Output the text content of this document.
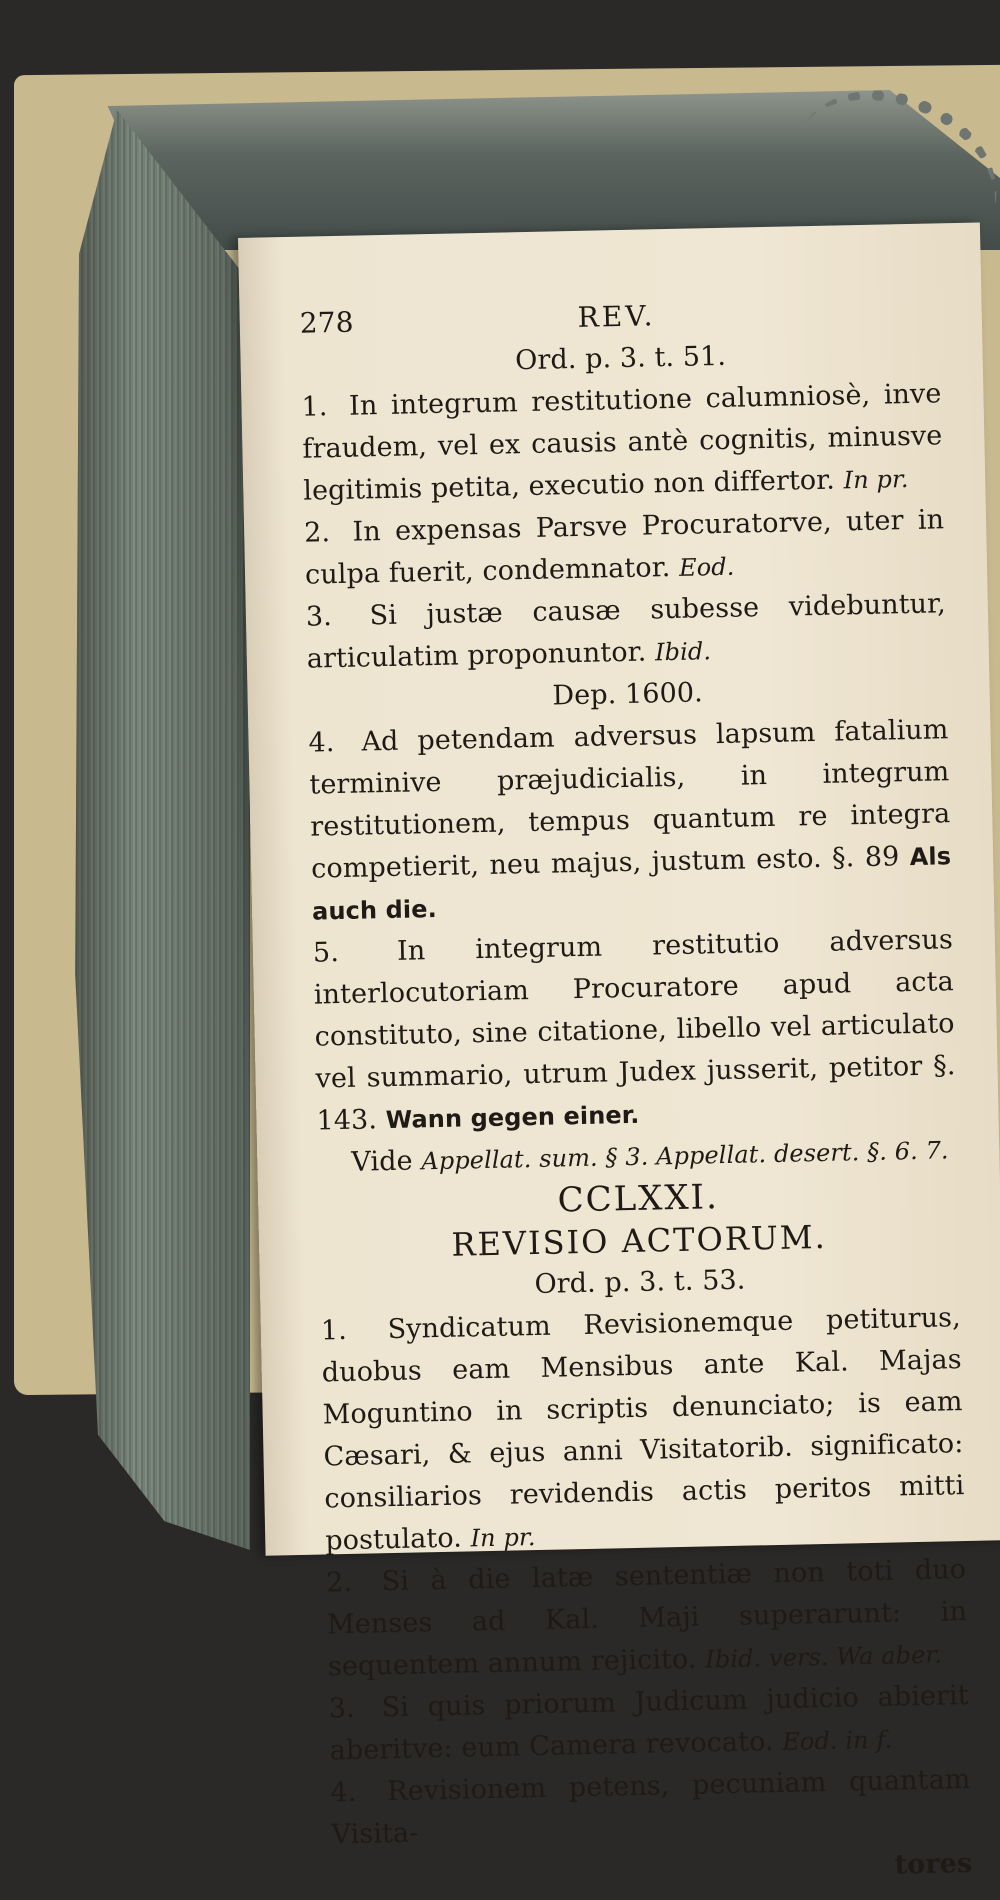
278	REV.
Ord. p. 3. t. 51.
1. In integrum restitutione calumniosè, inve fraudem, vel ex causis antè cognitis, minusve legitimis petita, executio non differtor. In pr.
2. In expensas Parsve Procuratorve, uter in culpa fuerit, condemnator. Eod.
3. Si justæ causæ subesse videbuntur, articulatim proponuntor. Ibid.
Dep. 1600.
4. Ad petendam adversus lapsum fatalium terminive præjudicialis, in integrum restitutionem, tempus quantum re integra competierit, neu majus, justum esto. §. 89 Als auch die.
5. In integrum restitutio adversus interlocutoriam Procuratore apud acta constituto, sine citatione, libello vel articulato vel summario, utrum Judex jusserit, petitor §. 143. Wann gegen einer.
Vide Appellat. sum. § 3. Appellat. desert. §. 6. 7.
CCLXXI.
REVISIO ACTORUM.
Ord. p. 3. t. 53.
1. Syndicatum Revisionemque petiturus, duobus eam Mensibus ante Kal. Majas Moguntino in scriptis denunciato; is eam Cæsari, & ejus anni Visitatorib. significato: consiliarios revidendis actis peritos mitti postulato. In pr.
2. Si à die latæ sententiæ non toti duo Menses ad Kal. Maji superarunt: in sequentem annum rejicito. Ibid. vers. Wa aber.
3. Si quis priorum Judicum judicio abierit aberitve: eum Camera revocato. Eod. in f.
4. Revisionem petens, pecuniam quantam Visita-
tores
